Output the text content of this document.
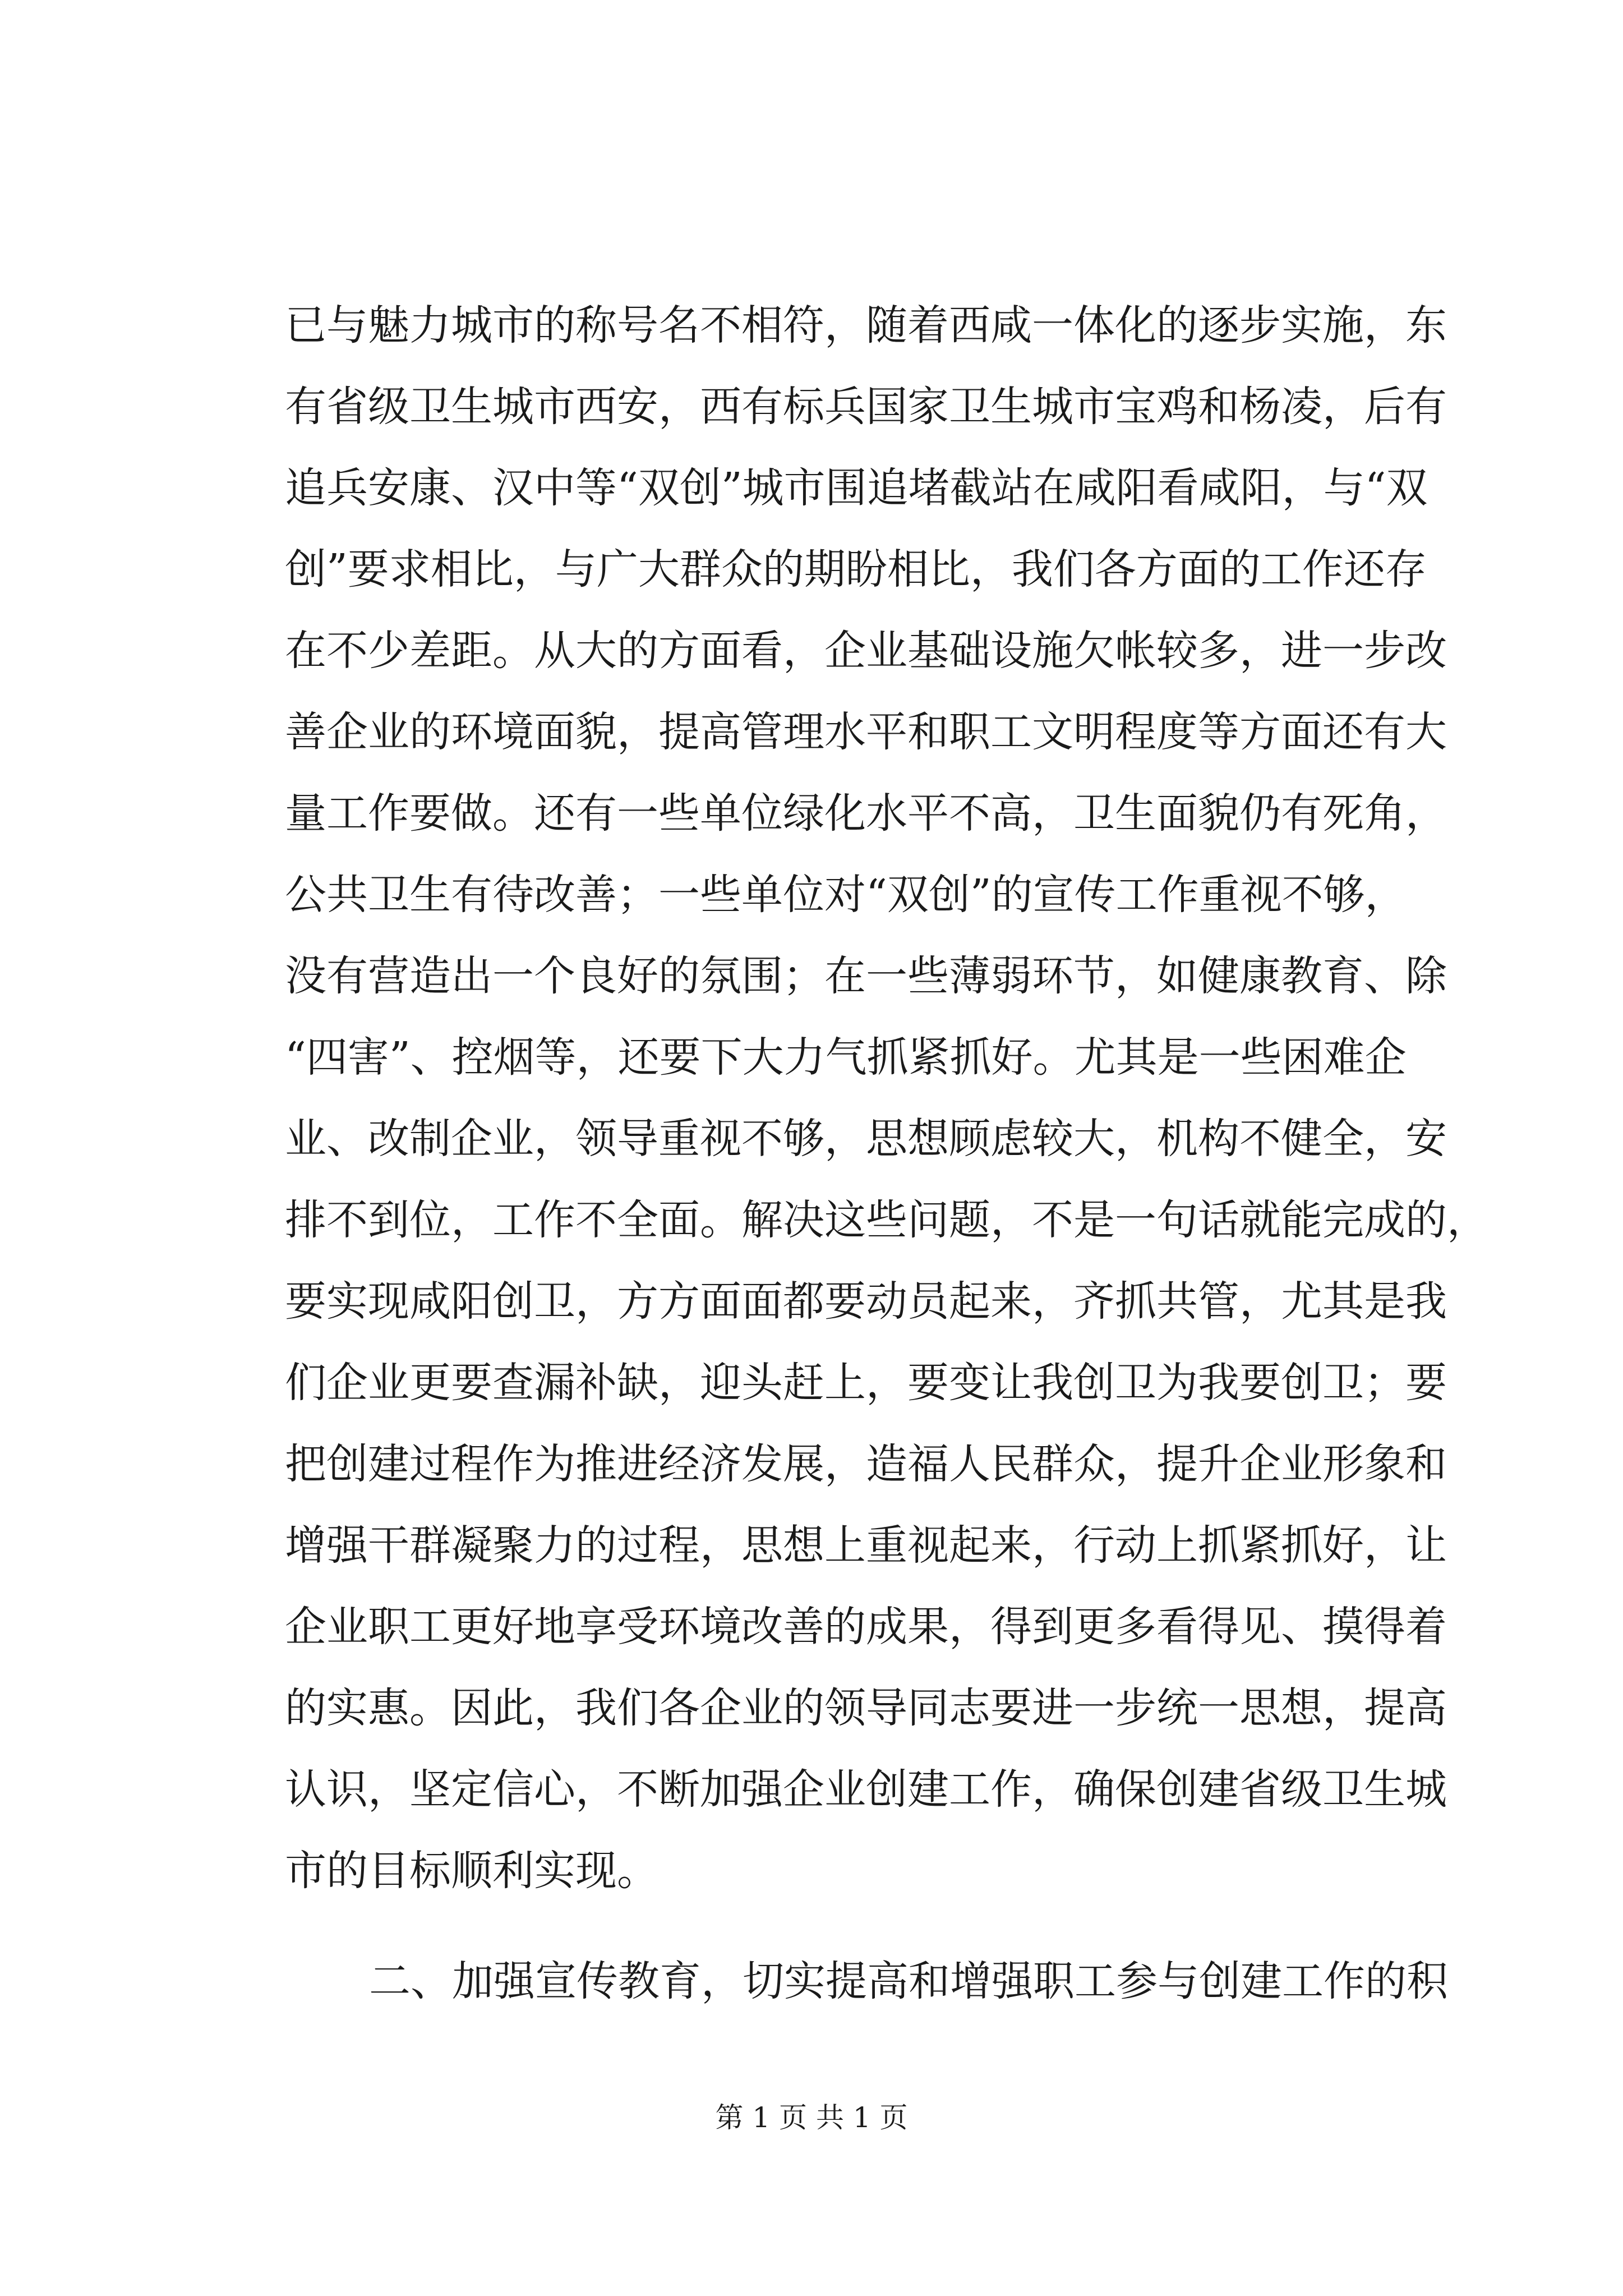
已与魅力城市的称号名不相符，随着西咸一体化的逐步实施，东
有省级卫生城市西安，西有标兵国家卫生城市宝鸡和杨凌，后有
追兵安康、汉中等“双创”城市围追堵截站在咸阳看咸阳，与“双
创”要求相比，与广大群众的期盼相比，我们各方面的工作还存
在不少差距。从大的方面看，企业基础设施欠帐较多，进一步改
善企业的环境面貌，提高管理水平和职工文明程度等方面还有大
量工作要做。还有一些单位绿化水平不高，卫生面貌仍有死角，
公共卫生有待改善；一些单位对“双创”的宣传工作重视不够，
没有营造出一个良好的氛围；在一些薄弱环节，如健康教育、除
“四害”、控烟等，还要下大力气抓紧抓好。尤其是一些困难企
业、改制企业，领导重视不够，思想顾虑较大，机构不健全，安
排不到位，工作不全面。解决这些问题，不是一句话就能完成的，
要实现咸阳创卫，方方面面都要动员起来，齐抓共管，尤其是我
们企业更要查漏补缺，迎头赶上，要变让我创卫为我要创卫；要
把创建过程作为推进经济发展，造福人民群众，提升企业形象和
增强干群凝聚力的过程，思想上重视起来，行动上抓紧抓好，让
企业职工更好地享受环境改善的成果，得到更多看得见、摸得着
的实惠。因此，我们各企业的领导同志要进一步统一思想，提高
认识，坚定信心，不断加强企业创建工作，确保创建省级卫生城
市的目标顺利实现。
二、加强宣传教育，切实提高和增强职工参与创建工作的积
第 1 页 共 1 页
